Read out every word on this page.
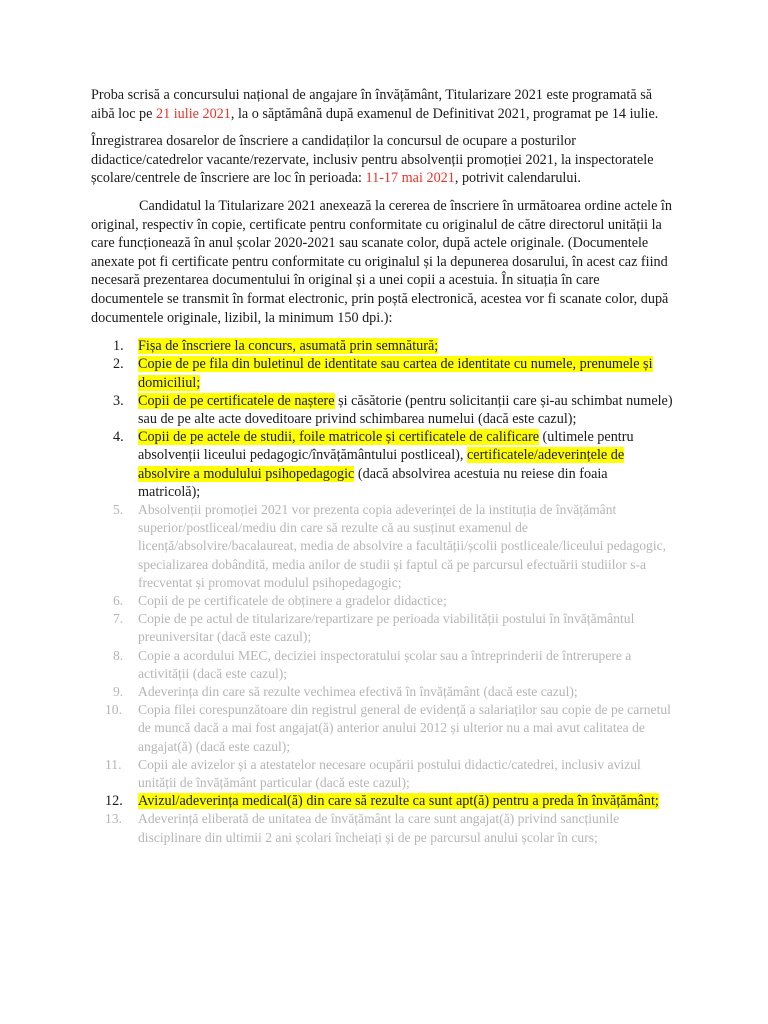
Proba scrisă a concursului național de angajare în învățământ, Titularizare 2021 este programată să aibă loc pe 21 iulie 2021, la o săptămână după examenul de Definitivat 2021, programat pe 14 iulie.

Înregistrarea dosarelor de înscriere a candidaților la concursul de ocupare a posturilor didactice/catedrelor vacante/rezervate, inclusiv pentru absolvenții promoției 2021, la inspectoratele școlare/centrele de înscriere are loc în perioada: 11-17 mai 2021, potrivit calendarului.

Candidatul la Titularizare 2021 anexează la cererea de înscriere în următoarea ordine actele în original, respectiv în copie, certificate pentru conformitate cu originalul de către directorul unității la care funcționează în anul școlar 2020-2021 sau scanate color, după actele originale. (Documentele anexate pot fi certificate pentru conformitate cu originalul și la depunerea dosarului, în acest caz fiind necesară prezentarea documentului în original și a unei copii a acestuia. În situația în care documentele se transmit în format electronic, prin poștă electronică, acestea vor fi scanate color, după documentele originale, lizibil, la minimum 150 dpi.):

1. Fișa de înscriere la concurs, asumată prin semnătură;
2. Copie de pe fila din buletinul de identitate sau cartea de identitate cu numele, prenumele și domiciliul;
3. Copii de pe certificatele de naștere și căsătorie (pentru solicitanții care și-au schimbat numele) sau de pe alte acte doveditoare privind schimbarea numelui (dacă este cazul);
4. Copii de pe actele de studii, foile matricole și certificatele de calificare (ultimele pentru absolvenții liceului pedagogic/învățământului postliceal), certificatele/adeverințele de absolvire a modulului psihopedagogic (dacă absolvirea acestuia nu reiese din foaia matricolă);
5. Absolvenții promoției 2021 vor prezenta copia adeverinței de la instituția de învățământ superior/postliceal/mediu din care să rezulte că au susținut examenul de licență/absolvire/bacalaureat, media de absolvire a facultății/școlii postliceale/liceului pedagogic, specializarea dobândită, media anilor de studii și faptul că pe parcursul efectuării studiilor s-a frecventat și promovat modulul psihopedagogic;
6. Copii de pe certificatele de obținere a gradelor didactice;
7. Copie de pe actul de titularizare/repartizare pe perioada viabilității postului în învățământul preuniversitar (dacă este cazul);
8. Copie a acordului MEC, deciziei inspectoratului școlar sau a întreprinderii de întrerupere a activității (dacă este cazul);
9. Adeverința din care să rezulte vechimea efectivă în învățământ (dacă este cazul);
10. Copia filei corespunzătoare din registrul general de evidență a salariaților sau copie de pe carnetul de muncă dacă a mai fost angajat(ă) anterior anului 2012 și ulterior nu a mai avut calitatea de angajat(ă) (dacă este cazul);
11. Copii ale avizelor și a atestatelor necesare ocupării postului didactic/catedrei, inclusiv avizul unității de învățământ particular (dacă este cazul);
12. Avizul/adeverința medical(ă) din care să rezulte ca sunt apt(ă) pentru a preda în învățământ;
13. Adeverință eliberată de unitatea de învățământ la care sunt angajat(ă) privind sancțiunile disciplinare din ultimii 2 ani școlari încheiați și de pe parcursul anului școlar în curs;
